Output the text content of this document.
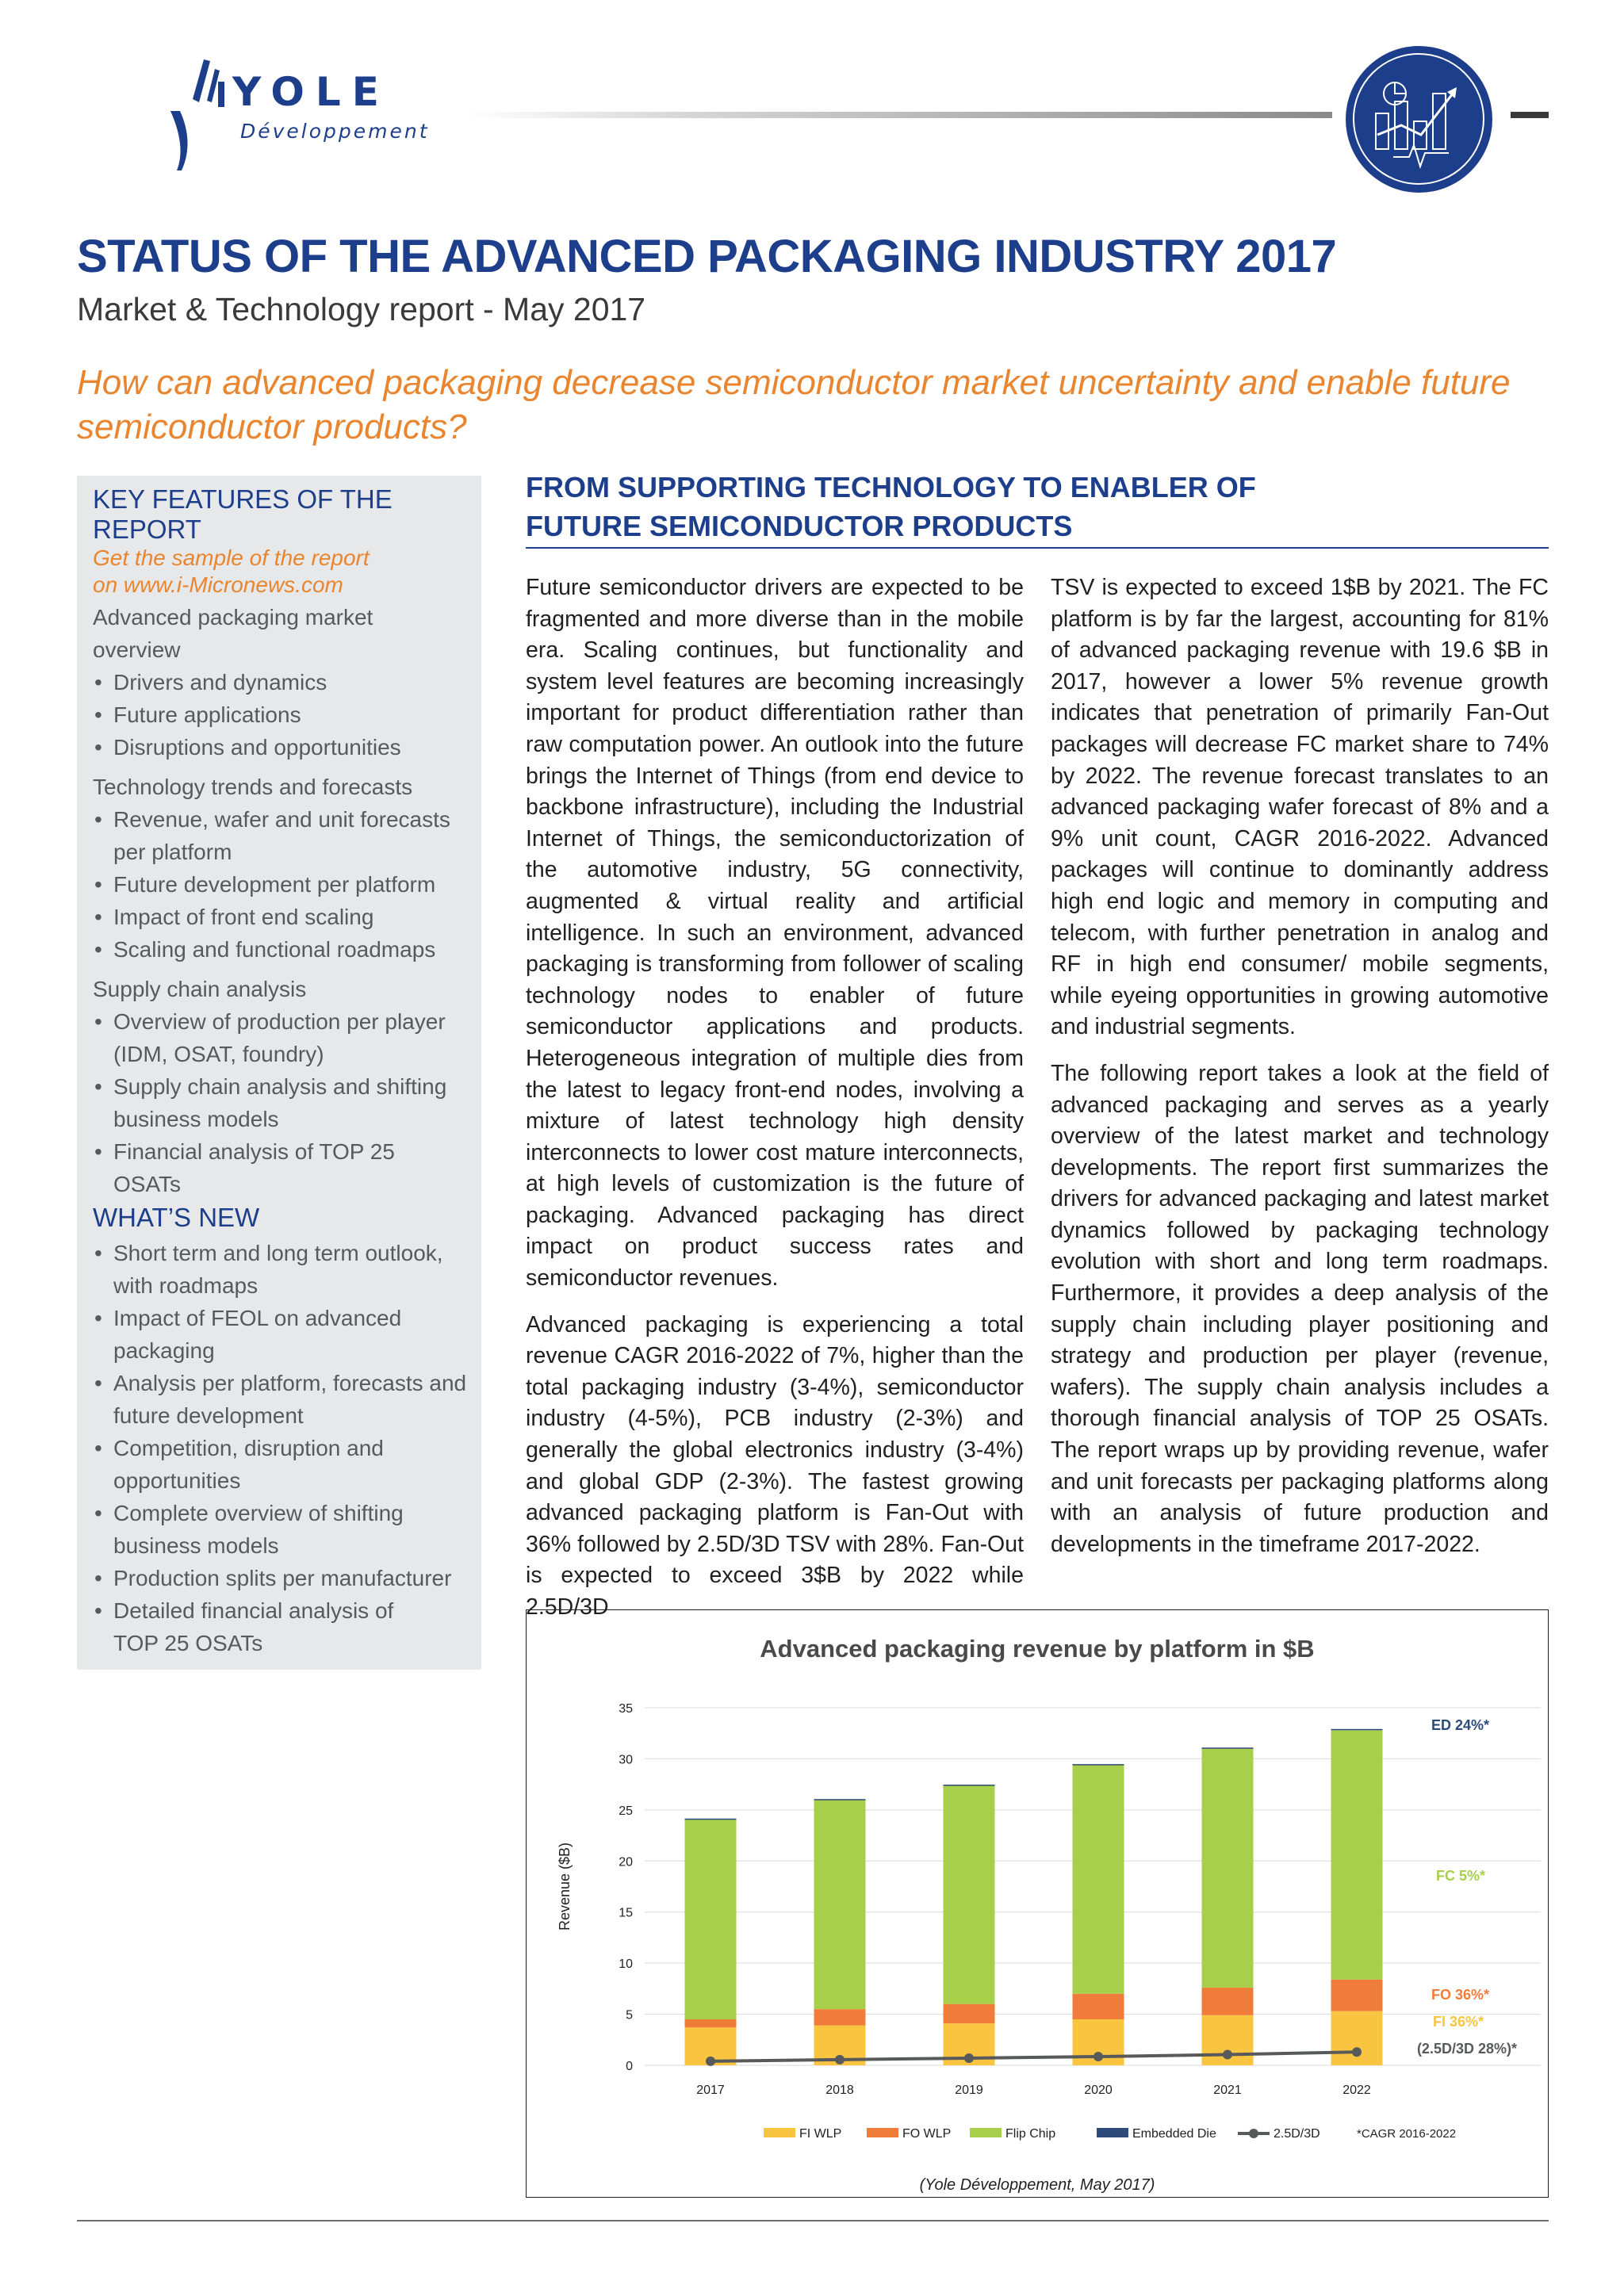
YOLE
Développement
STATUS OF THE ADVANCED PACKAGING INDUSTRY 2017
Market & Technology report - May 2017
How can advanced packaging decrease semiconductor market uncertainty and enable future semiconductor products?
KEY FEATURES OF THE REPORT
Get the sample of the report
on www.i-Micronews.com
Advanced packaging market overview
• Drivers and dynamics
• Future applications
• Disruptions and opportunities
Technology trends and forecasts
• Revenue, wafer and unit forecasts per platform
• Future development per platform
• Impact of front end scaling
• Scaling and functional roadmaps
Supply chain analysis
• Overview of production per player (IDM, OSAT, foundry)
• Supply chain analysis and shifting business models
• Financial analysis of TOP 25 OSATs
WHAT’S NEW
• Short term and long term outlook, with roadmaps
• Impact of FEOL on advanced packaging
• Analysis per platform, forecasts and future development
• Competition, disruption and opportunities
• Complete overview of shifting business models
• Production splits per manufacturer
• Detailed financial analysis of TOP 25 OSATs
FROM SUPPORTING TECHNOLOGY TO ENABLER OF FUTURE SEMICONDUCTOR PRODUCTS

Future semiconductor drivers are expected to be fragmented and more diverse than in the mobile era. Scaling continues, but functionality and system level features are becoming increasingly important for product differentiation rather than raw computation power. An outlook into the future brings the Internet of Things (from end device to backbone infrastructure), including the Industrial Internet of Things, the semiconductorization of the automotive industry, 5G connectivity, augmented & virtual reality and artificial intelligence. In such an environment, advanced packaging is transforming from follower of scaling technology nodes to enabler of future semiconductor applications and products. Heterogeneous integration of multiple dies from the latest to legacy front-end nodes, involving a mixture of latest technology high density interconnects to lower cost mature interconnects, at high levels of customization is the future of packaging. Advanced packaging has direct impact on product success rates and semiconductor revenues.

Advanced packaging is experiencing a total revenue CAGR 2016-2022 of 7%, higher than the total packaging industry (3-4%), semiconductor industry (4-5%), PCB industry (2-3%) and generally the global electronics industry (3-4%) and global GDP (2-3%). The fastest growing advanced packaging platform is Fan-Out with 36% followed by 2.5D/3D TSV with 28%. Fan-Out is expected to exceed 3$B by 2022 while 2.5D/3D

TSV is expected to exceed 1$B by 2021. The FC platform is by far the largest, accounting for 81% of advanced packaging revenue with 19.6 $B in 2017, however a lower 5% revenue growth indicates that penetration of primarily Fan-Out packages will decrease FC market share to 74% by 2022. The revenue forecast translates to an advanced packaging wafer forecast of 8% and a 9% unit count, CAGR 2016-2022. Advanced packages will continue to dominantly address high end logic and memory in computing and telecom, with further penetration in analog and RF in high end consumer/ mobile segments, while eyeing opportunities in growing automotive and industrial segments.

The following report takes a look at the field of advanced packaging and serves as a yearly overview of the latest market and technology developments. The report first summarizes the drivers for advanced packaging and latest market dynamics followed by packaging technology evolution with short and long term roadmaps. Furthermore, it provides a deep analysis of the supply chain including player positioning and strategy and production per player (revenue, wafers). The supply chain analysis includes a thorough financial analysis of TOP 25 OSATs. The report wraps up by providing revenue, wafer and unit forecasts per packaging platforms along with an analysis of future production and developments in the timeframe 2017-2022.

Advanced packaging revenue by platform in $B
0
5
10
15
20
25
30
35
Revenue ($B)
2017	2018	2019	2020	2021	2022
ED 24%*
FC 5%*
FO 36%*
FI 36%*
(2.5D/3D 28%)*
FI WLP	FO WLP	Flip Chip	Embedded Die	2.5D/3D	*CAGR 2016-2022
(Yole Développement, May 2017)
